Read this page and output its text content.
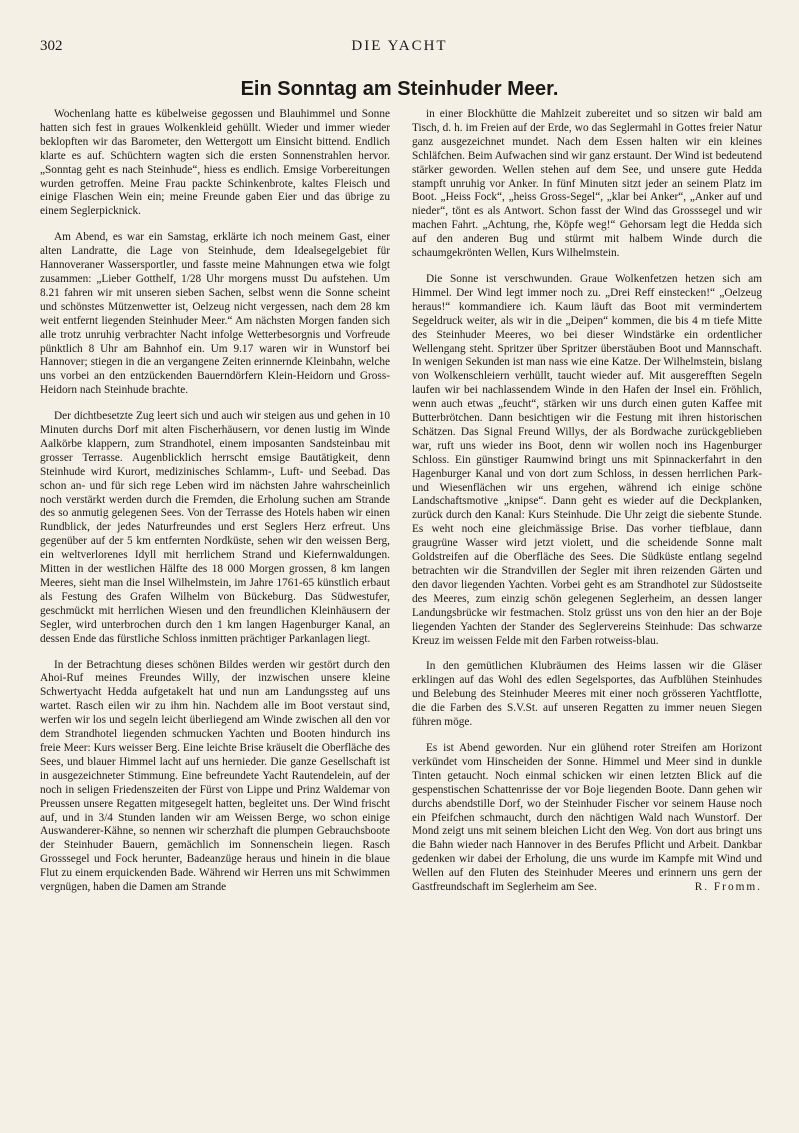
302	DIE YACHT
Ein Sonntag am Steinhuder Meer.

Wochenlang hatte es kübelweise gegossen und Blauhimmel und Sonne hatten sich fest in graues Wolkenkleid gehüllt. Wieder und immer wieder beklopften wir das Barometer, den Wettergott um Einsicht bittend. Endlich klarte es auf. Schüchtern wagten sich die ersten Sonnenstrahlen hervor. „Sonntag geht es nach Steinhude“, hiess es endlich. Emsige Vorbereitungen wurden getroffen. Meine Frau packte Schinkenbrote, kaltes Fleisch und einige Flaschen Wein ein; meine Freunde gaben Eier und das übrige zu einem Seglerpicknick.

Am Abend, es war ein Samstag, erklärte ich noch meinem Gast, einer alten Landratte, die Lage von Steinhude, dem Idealsegelgebiet für Hannoveraner Wassersportler, und fasste meine Mahnungen etwa wie folgt zusammen: „Lieber Gotthelf, 1/28 Uhr morgens musst Du aufstehen. Um 8.21 fahren wir mit unseren sieben Sachen, selbst wenn die Sonne scheint und schönstes Mützenwetter ist, Oelzeug nicht vergessen, nach dem 28 km weit entfernt liegenden Steinhuder Meer.“ Am nächsten Morgen fanden sich alle trotz unruhig verbrachter Nacht infolge Wetterbesorgnis und Vorfreude pünktlich 8 Uhr am Bahnhof ein. Um 9.17 waren wir in Wunstorf bei Hannover; stiegen in die an vergangene Zeiten erinnernde Kleinbahn, welche uns vorbei an den entzückenden Bauerndörfern Klein-Heidorn und Gross-Heidorn nach Steinhude brachte.

Der dichtbesetzte Zug leert sich und auch wir steigen aus und gehen in 10 Minuten durchs Dorf mit alten Fischerhäusern, vor denen lustig im Winde Aalkörbe klappern, zum Strandhotel, einem imposanten Sandsteinbau mit grosser Terrasse. Augenblicklich herrscht emsige Bautätigkeit, denn Steinhude wird Kurort, medizinisches Schlamm-, Luft- und Seebad. Das schon an- und für sich rege Leben wird im nächsten Jahre wahrscheinlich noch verstärkt werden durch die Fremden, die Erholung suchen am Strande des so anmutig gelegenen Sees. Von der Terrasse des Hotels haben wir einen Rundblick, der jedes Naturfreundes und erst Seglers Herz erfreut. Uns gegenüber auf der 5 km entfernten Nordküste, sehen wir den weissen Berg, ein weltverlorenes Idyll mit herrlichem Strand und Kiefernwaldungen. Mitten in der westlichen Hälfte des 18 000 Morgen grossen, 8 km langen Meeres, sieht man die Insel Wilhelmstein, im Jahre 1761-65 künstlich erbaut als Festung des Grafen Wilhelm von Bückeburg. Das Südwestufer, geschmückt mit herrlichen Wiesen und den freundlichen Kleinhäusern der Segler, wird unterbrochen durch den 1 km langen Hagenburger Kanal, an dessen Ende das fürstliche Schloss inmitten prächtiger Parkanlagen liegt.

In der Betrachtung dieses schönen Bildes werden wir gestört durch den Ahoi-Ruf meines Freundes Willy, der inzwischen unsere kleine Schwertyacht Hedda aufgetakelt hat und nun am Landungssteg auf uns wartet. Rasch eilen wir zu ihm hin. Nachdem alle im Boot verstaut sind, werfen wir los und segeln leicht überliegend am Winde zwischen all den vor dem Strandhotel liegenden schmucken Yachten und Booten hindurch ins freie Meer: Kurs weisser Berg. Eine leichte Brise kräuselt die Oberfläche des Sees, und blauer Himmel lacht auf uns hernieder. Die ganze Gesellschaft ist in ausgezeichneter Stimmung. Eine befreundete Yacht Rautendelein, auf der noch in seligen Friedenszeiten der Fürst von Lippe und Prinz Waldemar von Preussen unsere Regatten mitgesegelt hatten, begleitet uns. Der Wind frischt auf, und in 3/4 Stunden landen wir am Weissen Berge, wo schon einige Auswanderer-Kähne, so nennen wir scherzhaft die plumpen Gebrauchsboote der Steinhuder Bauern, gemächlich im Sonnenschein liegen. Rasch Grosssegel und Fock herunter, Badeanzüge heraus und hinein in die blaue Flut zu einem erquickenden Bade. Während wir Herren uns mit Schwimmen vergnügen, haben die Damen am Strande

in einer Blockhütte die Mahlzeit zubereitet und so sitzen wir bald am Tisch, d. h. im Freien auf der Erde, wo das Seglermahl in Gottes freier Natur ganz ausgezeichnet mundet. Nach dem Essen halten wir ein kleines Schläfchen. Beim Aufwachen sind wir ganz erstaunt. Der Wind ist bedeutend stärker geworden. Wellen stehen auf dem See, und unsere gute Hedda stampft unruhig vor Anker. In fünf Minuten sitzt jeder an seinem Platz im Boot. „Heiss Fock“, „heiss Gross-Segel“, „klar bei Anker“, „Anker auf und nieder“, tönt es als Antwort. Schon fasst der Wind das Grosssegel und wir machen Fahrt. „Achtung, rhe, Köpfe weg!“ Gehorsam legt die Hedda sich auf den anderen Bug und stürmt mit halbem Winde durch die schaumgekrönten Wellen, Kurs Wilhelmstein.

Die Sonne ist verschwunden. Graue Wolkenfetzen hetzen sich am Himmel. Der Wind legt immer noch zu. „Drei Reff einstecken!“ „Oelzeug heraus!“ kommandiere ich. Kaum läuft das Boot mit vermindertem Segeldruck weiter, als wir in die „Deipen“ kommen, die bis 4 m tiefe Mitte des Steinhuder Meeres, wo bei dieser Windstärke ein ordentlicher Wellengang steht. Spritzer über Spritzer überstäuben Boot und Mannschaft. In wenigen Sekunden ist man nass wie eine Katze. Der Wilhelmstein, bislang von Wolkenschleiern verhüllt, taucht wieder auf. Mit ausgerefften Segeln laufen wir bei nachlassendem Winde in den Hafen der Insel ein. Fröhlich, wenn auch etwas „feucht“, stärken wir uns durch einen guten Kaffee mit Butterbrötchen. Dann besichtigen wir die Festung mit ihren historischen Schätzen. Das Signal Freund Willys, der als Bordwache zurückgeblieben war, ruft uns wieder ins Boot, denn wir wollen noch ins Hagenburger Schloss. Ein günstiger Raumwind bringt uns mit Spinnackerfahrt in den Hagenburger Kanal und von dort zum Schloss, in dessen herrlichen Park- und Wiesenflächen wir uns ergehen, während ich einige schöne Landschaftsmotive „knipse“. Dann geht es wieder auf die Deckplanken, zurück durch den Kanal: Kurs Steinhude. Die Uhr zeigt die siebente Stunde. Es weht noch eine gleichmässige Brise. Das vorher tiefblaue, dann graugrüne Wasser wird jetzt violett, und die scheidende Sonne malt Goldstreifen auf die Oberfläche des Sees. Die Südküste entlang segelnd betrachten wir die Strandvillen der Segler mit ihren reizenden Gärten und den davor liegenden Yachten. Vorbei geht es am Strandhotel zur Südostseite des Meeres, zum einzig schön gelegenen Seglerheim, an dessen langer Landungsbrücke wir festmachen. Stolz grüsst uns von den hier an der Boje liegenden Yachten der Stander des Seglervereins Steinhude: Das schwarze Kreuz im weissen Felde mit den Farben rotweiss-blau.

In den gemütlichen Klubräumen des Heims lassen wir die Gläser erklingen auf das Wohl des edlen Segelsportes, das Aufblühen Steinhudes und Belebung des Steinhuder Meeres mit einer noch grösseren Yachtflotte, die die Farben des S.V.St. auf unseren Regatten zu immer neuen Siegen führen möge.

Es ist Abend geworden. Nur ein glühend roter Streifen am Horizont verkündet vom Hinscheiden der Sonne. Himmel und Meer sind in dunkle Tinten getaucht. Noch einmal schicken wir einen letzten Blick auf die gespenstischen Schattenrisse der vor Boje liegenden Boote. Dann gehen wir durchs abendstille Dorf, wo der Steinhuder Fischer vor seinem Hause noch ein Pfeifchen schmaucht, durch den nächtigen Wald nach Wunstorf. Der Mond zeigt uns mit seinem bleichen Licht den Weg. Von dort aus bringt uns die Bahn wieder nach Hannover in des Berufes Pflicht und Arbeit. Dankbar gedenken wir dabei der Erholung, die uns wurde im Kampfe mit Wind und Wellen auf den Fluten des Steinhuder Meeres und erinnern uns gern der Gastfreundschaft im Seglerheim am See.	R. Fromm.
